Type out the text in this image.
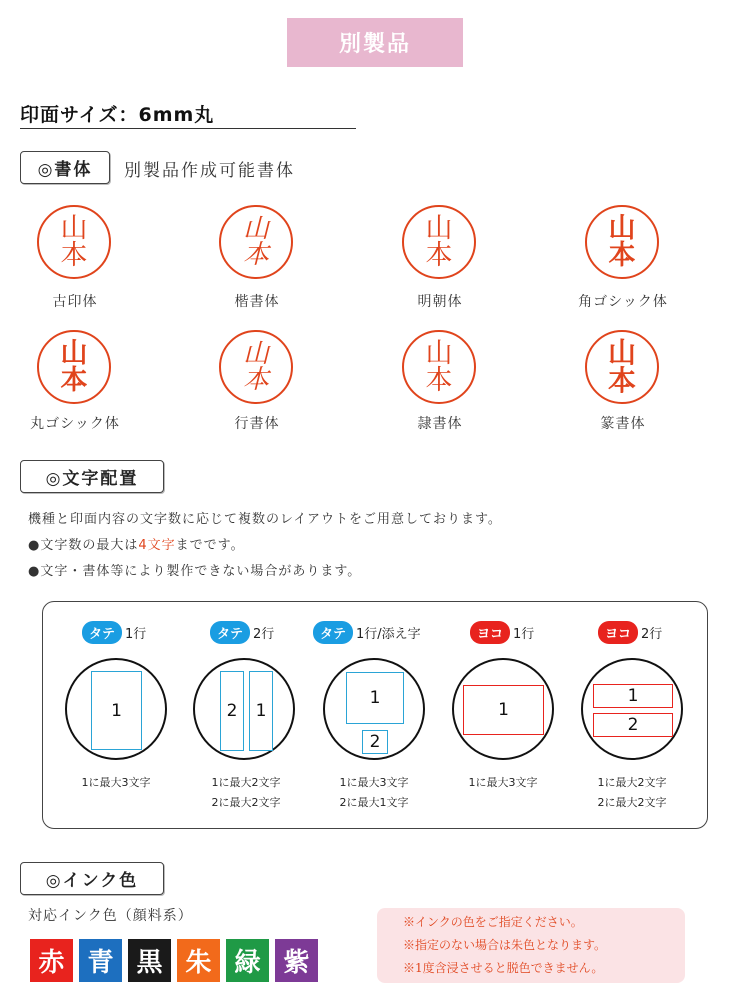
別製品
印面サイズ：6mm丸
◎書体	別製品作成可能書体
山
本
古印体
山
本
楷書体
山
本
明朝体
山
本
角ゴシック体
山
本
丸ゴシック体
山
本
行書体
山
本
隷書体
山
本
篆書体
◎文字配置
機種と印面内容の文字数に応じて複数のレイアウトをご用意しております。
●文字数の最大は4文字までです。
●文字・書体等により製作できない場合があります。
タテ 1行
1
1に最大3文字
タテ 2行
2	1
1に最大2文字
2に最大2文字
タテ 1行/添え字
1
2
1に最大3文字
2に最大1文字
ヨコ 1行
1
1に最大3文字
ヨコ 2行
1
2
1に最大2文字
2に最大2文字
◎インク色
対応インク色（顔料系）
赤 青 黒 朱 緑 紫
※インクの色をご指定ください。
※指定のない場合は朱色となります。
※1度含浸させると脱色できません。
